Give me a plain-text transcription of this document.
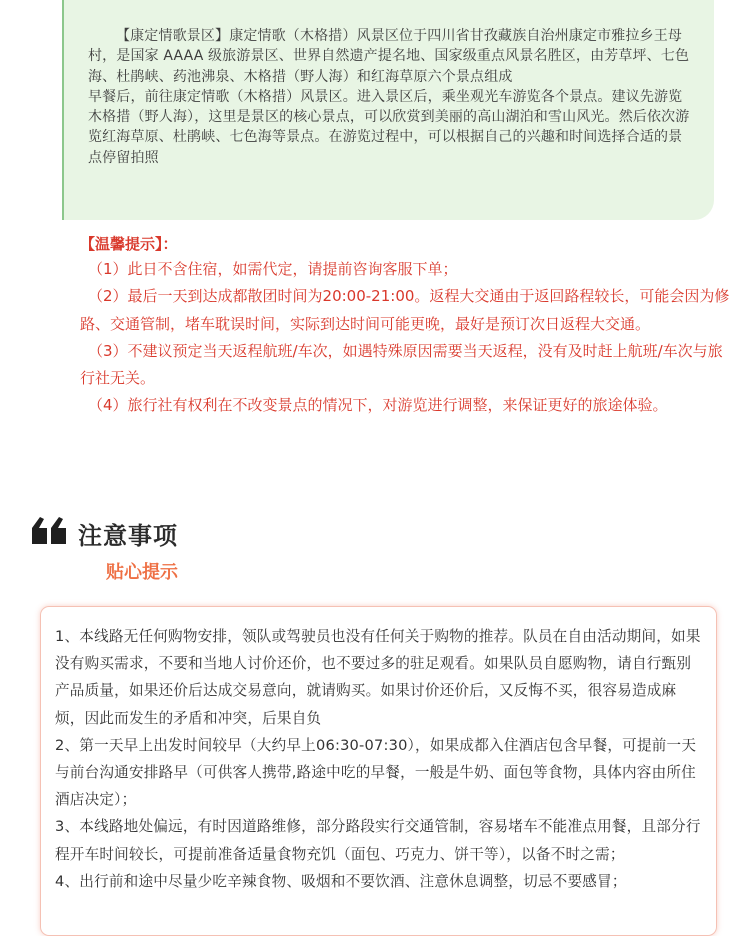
【康定情歌景区】康定情歌（木格措）风景区位于四川省甘孜藏族自治州康定市雅拉乡王母村，是国家 AAAA 级旅游景区、世界自然遗产提名地、国家级重点风景名胜区，由芳草坪、七色海、杜鹃峡、药池沸泉、木格措（野人海）和红海草原六个景点组成

早餐后，前往康定情歌（木格措）风景区。进入景区后，乘坐观光车游览各个景点。建议先游览木格措（野人海），这里是景区的核心景点，可以欣赏到美丽的高山湖泊和雪山风光。然后依次游览红海草原、杜鹃峡、七色海等景点。在游览过程中，可以根据自己的兴趣和时间选择合适的景点停留拍照

【温馨提示】：

（1）此日不含住宿，如需代定，请提前咨询客服下单；

（2）最后一天到达成都散团时间为20:00-21:00。返程大交通由于返回路程较长，可能会因为修路、交通管制，堵车耽误时间，实际到达时间可能更晚，最好是预订次日返程大交通。

（3）不建议预定当天返程航班/车次，如遇特殊原因需要当天返程，没有及时赶上航班/车次与旅行社无关。

（4）旅行社有权利在不改变景点的情况下，对游览进行调整，来保证更好的旅途体验。

注意事项
贴心提示

1、本线路无任何购物安排，领队或驾驶员也没有任何关于购物的推荐。队员在自由活动期间，如果没有购买需求，不要和当地人讨价还价，也不要过多的驻足观看。如果队员自愿购物，请自行甄别产品质量，如果还价后达成交易意向，就请购买。如果讨价还价后，又反悔不买，很容易造成麻烦，因此而发生的矛盾和冲突，后果自负

2、第一天早上出发时间较早（大约早上06:30-07:30），如果成都入住酒店包含早餐，可提前一天与前台沟通安排路早（可供客人携带,路途中吃的早餐，一般是牛奶、面包等食物，具体内容由所住酒店决定）；

3、本线路地处偏远，有时因道路维修，部分路段实行交通管制，容易堵车不能准点用餐，且部分行程开车时间较长，可提前准备适量食物充饥（面包、巧克力、饼干等），以备不时之需；

4、出行前和途中尽量少吃辛辣食物、吸烟和不要饮酒、注意休息调整，切忌不要感冒；
